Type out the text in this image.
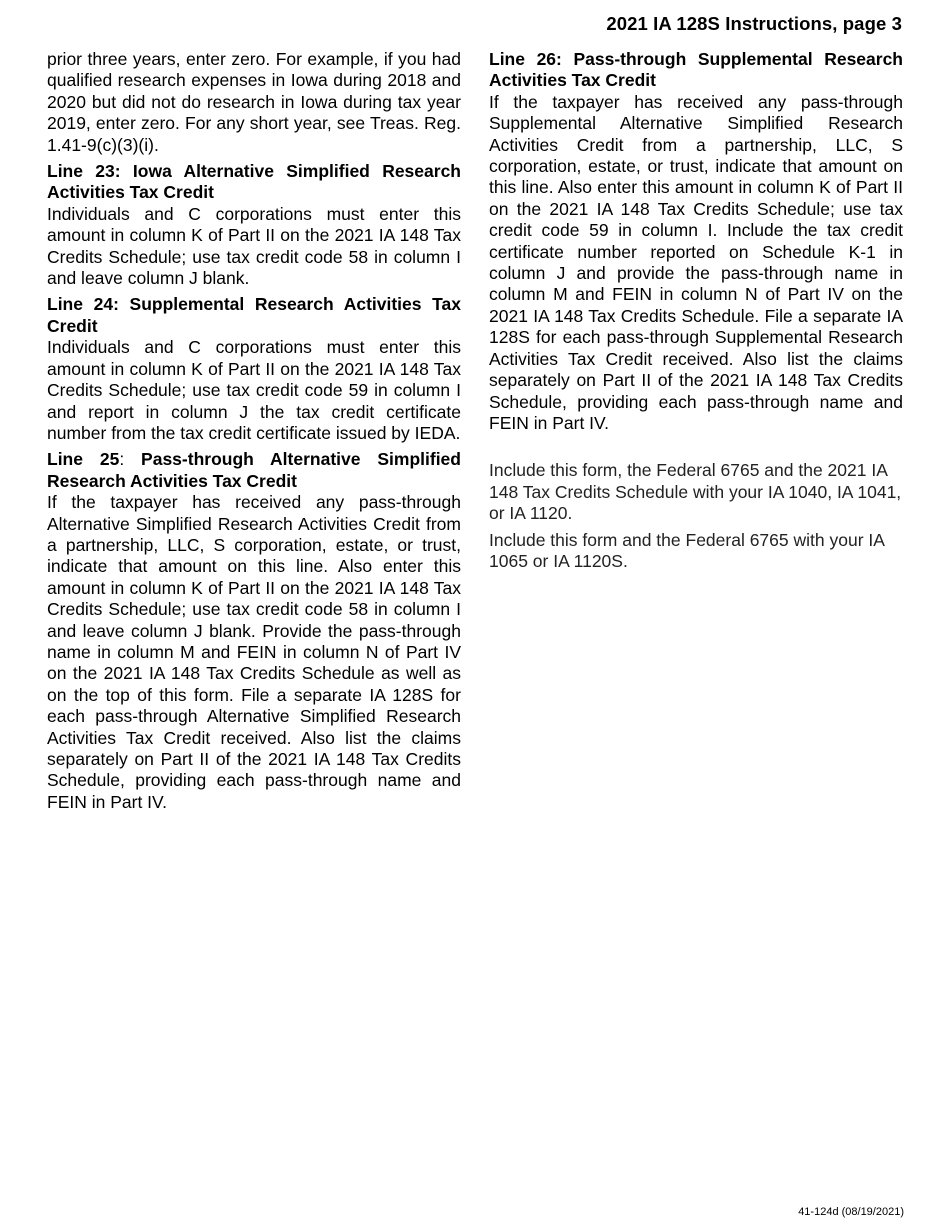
2021 IA 128S Instructions, page 3

prior three years, enter zero. For example, if you had qualified research expenses in Iowa during 2018 and 2020 but did not do research in Iowa during tax year 2019, enter zero. For any short year, see Treas. Reg. 1.41-9(c)(3)(i).

Line 23: Iowa Alternative Simplified Research Activities Tax Credit

Individuals and C corporations must enter this amount in column K of Part II on the 2021 IA 148 Tax Credits Schedule; use tax credit code 58 in column I and leave column J blank.

Line 24: Supplemental Research Activities Tax Credit

Individuals and C corporations must enter this amount in column K of Part II on the 2021 IA 148 Tax Credits Schedule; use tax credit code 59 in column I and report in column J the tax credit certificate number from the tax credit certificate issued by IEDA.

Line 25: Pass-through Alternative Simplified Research Activities Tax Credit

If the taxpayer has received any pass-through Alternative Simplified Research Activities Credit from a partnership, LLC, S corporation, estate, or trust, indicate that amount on this line. Also enter this amount in column K of Part II on the 2021 IA 148 Tax Credits Schedule; use tax credit code 58 in column I and leave column J blank. Provide the pass-through name in column M and FEIN in column N of Part IV on the 2021 IA 148 Tax Credits Schedule as well as on the top of this form. File a separate IA 128S for each pass-through Alternative Simplified Research Activities Tax Credit received. Also list the claims separately on Part II of the 2021 IA 148 Tax Credits Schedule, providing each pass-through name and FEIN in Part IV.

Line 26: Pass-through Supplemental Research Activities Tax Credit

If the taxpayer has received any pass-through Supplemental Alternative Simplified Research Activities Credit from a partnership, LLC, S corporation, estate, or trust, indicate that amount on this line. Also enter this amount in column K of Part II on the 2021 IA 148 Tax Credits Schedule; use tax credit code 59 in column I. Include the tax credit certificate number reported on Schedule K-1 in column J and provide the pass-through name in column M and FEIN in column N of Part IV on the 2021 IA 148 Tax Credits Schedule. File a separate IA 128S for each pass-through Supplemental Research Activities Tax Credit received. Also list the claims separately on Part II of the 2021 IA 148 Tax Credits Schedule, providing each pass-through name and FEIN in Part IV.

Include this form, the Federal 6765 and the 2021 IA 148 Tax Credits Schedule with your IA 1040, IA 1041, or IA 1120.

Include this form and the Federal 6765 with your IA 1065 or IA 1120S.

41-124d (08/19/2021)
